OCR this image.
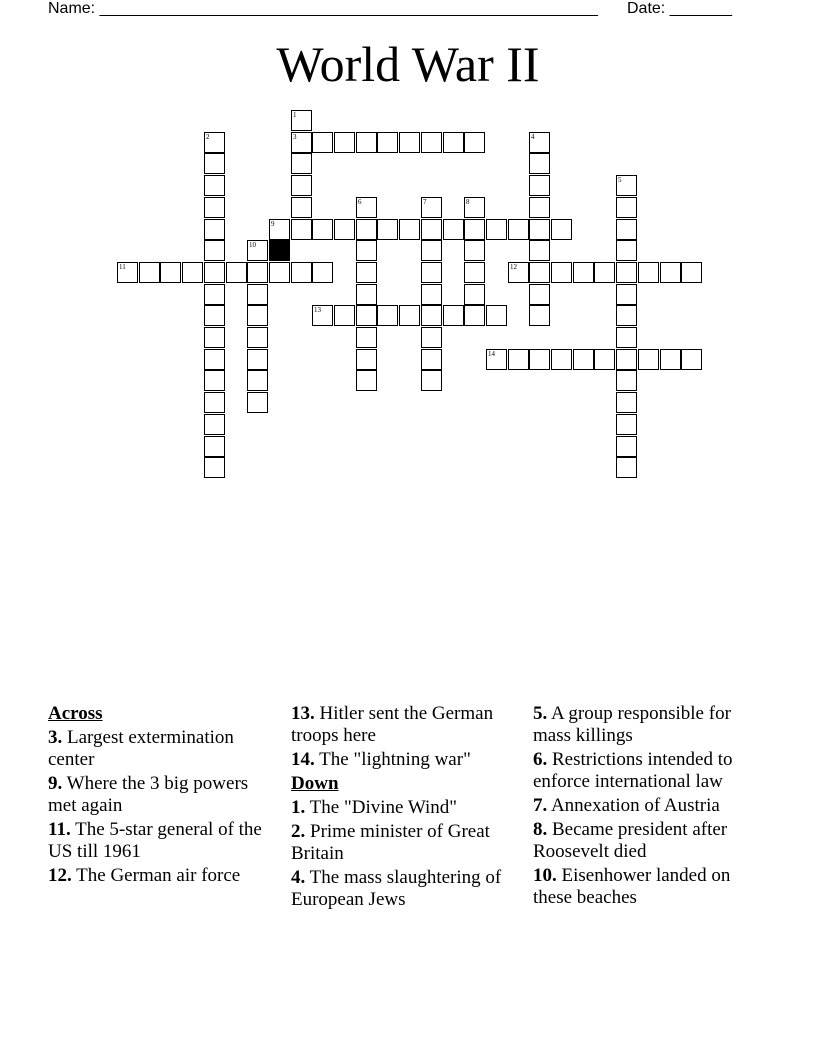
Name: ________________________________________________________ Date: _______
World War II
1
2	3	4
5
6	7	8
9
10
11	12
13
14
Across
3. Largest extermination center
9. Where the 3 big powers met again
11. The 5-star general of the US till 1961
12. The German air force
13. Hitler sent the German troops here
14. The "lightning war"
Down
1. The "Divine Wind"
2. Prime minister of Great Britain
4. The mass slaughtering of European Jews
5. A group responsible for mass killings
6. Restrictions intended to enforce international law
7. Annexation of Austria
8. Became president after Roosevelt died
10. Eisenhower landed on these beaches
